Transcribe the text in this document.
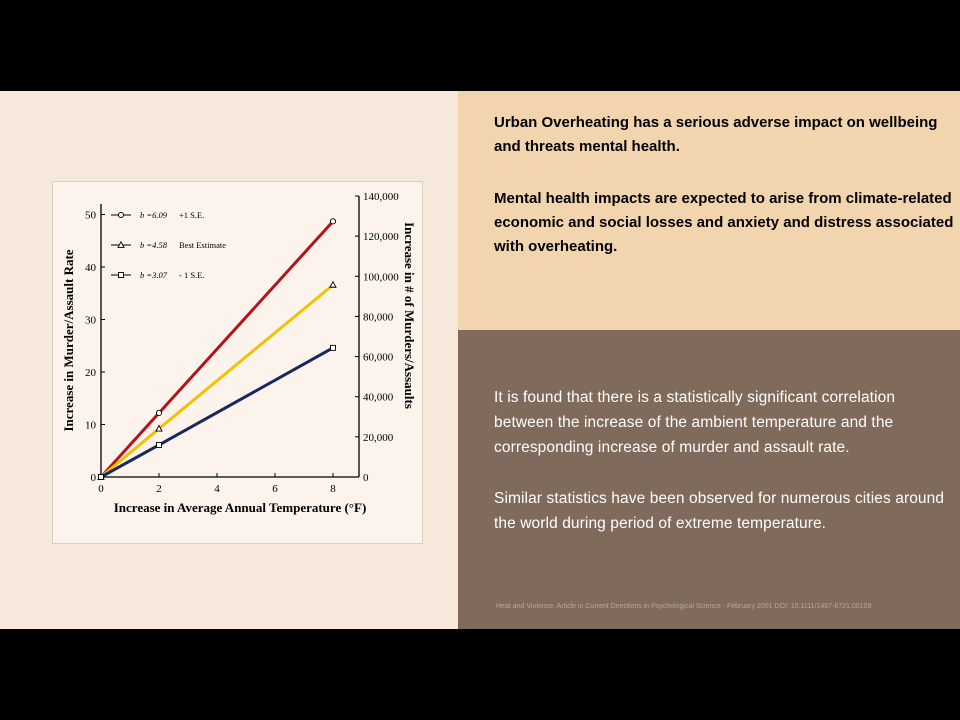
0
10
20
30
40
50
0
20,000
40,000
60,000
80,000
100,000
120,000
140,000
0	2	4	6	8
Increase in Average Annual Temperature (°F)
Increase in Murder/Assault Rate	Increase in # of Murders/Assaults
b =6.09 +1 S.E.
b =4.58 Best Estimate
b =3.07 - 1 S.E.

Urban Overheating has a serious adverse impact on wellbeing and threats mental health.

Mental health impacts are expected to arise from climate-related economic and social losses and anxiety and distress associated with overheating.

It is found that there is a statistically significant correlation between the increase of the ambient temperature and the corresponding increase of murder and assault rate.

Similar statistics have been observed for numerous cities around the world during period of extreme temperature.

Heat and Violence. Article in Current Directions in Psychological Science · February 2001 DOI: 10.1111/1467-8721.00109
